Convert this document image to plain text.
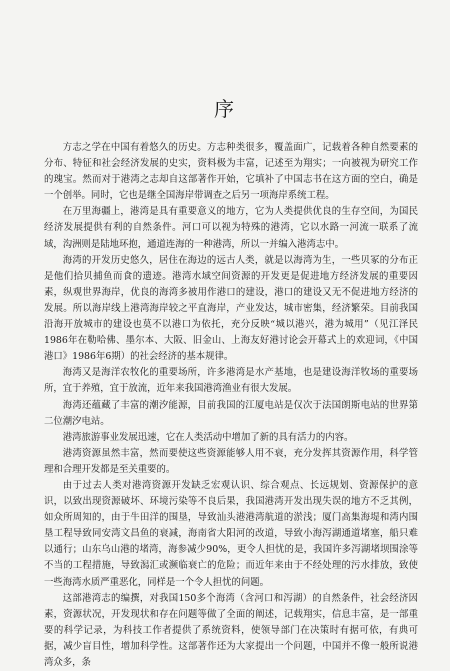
序

方志之学在中国有着悠久的历史。方志种类很多，覆盖面广，记载着各种自然要素的分布、特征和社会经济发展的史实，资料极为丰富，记述至为翔实；一向被视为研究工作的瑰宝。然而对于港湾之志却自这部著作开始，它填补了中国志书在这方面的空白，确是一个创举。同时，它也是继全国海岸带调查之后另一项海岸系统工程。

在万里海疆上，港湾是具有重要意义的地方，它为人类提供优良的生存空间，为国民经济发展提供有利的自然条件。河口可以视为特殊的港湾，它以水路一河流一联系了流域，沟洲则是陆地环抱，通道连海的一种港湾，所以一并编入港湾志中。

海湾的开发历史悠久，居住在海边的远古人类，就是以海湾为生，一些贝冢的分布正是他们拾贝捕鱼而食的遗迹。港湾水域空间资源的开发更是促进地方经济发展的重要因素，纵观世界海岸，优良的海湾多被用作港口的建设，港口的建设又无不促进地方经济的发展。所以海岸线上港湾海岸较之平直海岸，产业发达，城市密集，经济繁荣。目前我国沿海开放城市的建设也莫不以港口为依托，充分反映“城以港兴，港为城用”（见江泽民1986年在勒哈佛、墨尔本、大阪、旧金山、上海友好港讨论会开幕式上的欢迎词，《中国港口》1986年6期）的社会经济的基本规律。

海湾又是海洋农牧化的重要场所，许多港湾是水产基地，也是建设海洋牧场的重要场所，宜于养殖，宜于放流，近年来我国港湾渔业有很大发展。

海湾还蕴藏了丰富的潮汐能源，目前我国的江厦电站是仅次于法国朗斯电站的世界第二位潮汐电站。

港湾旅游事业发展迅速，它在人类活动中增加了新的具有活力的内容。

港湾资源虽然丰富，然而要使这些资源能够人用不衰，充分发挥其资源作用，科学管理和合理开发都是至关重要的。

由于过去人类对港湾资源开发缺乏宏观认识、综合观点、长远规划、资源保护的意识，以致出现资源破坏、环境污染等不良后果，我国港湾开发出现失误的地方不乏其例，如众所周知的，由于牛田洋的围垦，导致汕头港港湾航道的淤浅；厦门高集海堤和湾内围垦工程导致同安湾文昌鱼的衰减，海南省大阳河的改道，导致小海泻湖通道堵塞，船只难以通行；山东乌山港的堵湾，海参减少90%，更令人担忧的是，我国许多泻湖堵坝围涂等不当的工程措施，导致潟汇或濒临衰亡的危险；而近年来由于不经处理的污水排放，致使一些海湾水质严重恶化，同样是一个令人担忧的问题。

这部港湾志的编撰，对我国150多个海湾（含河口和泻湖）的自然条件，社会经济因素，资源状况，开发现状和存在问题等做了全面的阐述，记载翔实，信息丰富，是一部重要的科学记录，为科技工作者提供了系统资料，使领导部门在决策时有据可依，有典可据，减少盲目性，增加科学性。这部著作还为大家提出一个问题，中国并不像一般所说港湾众多，条
